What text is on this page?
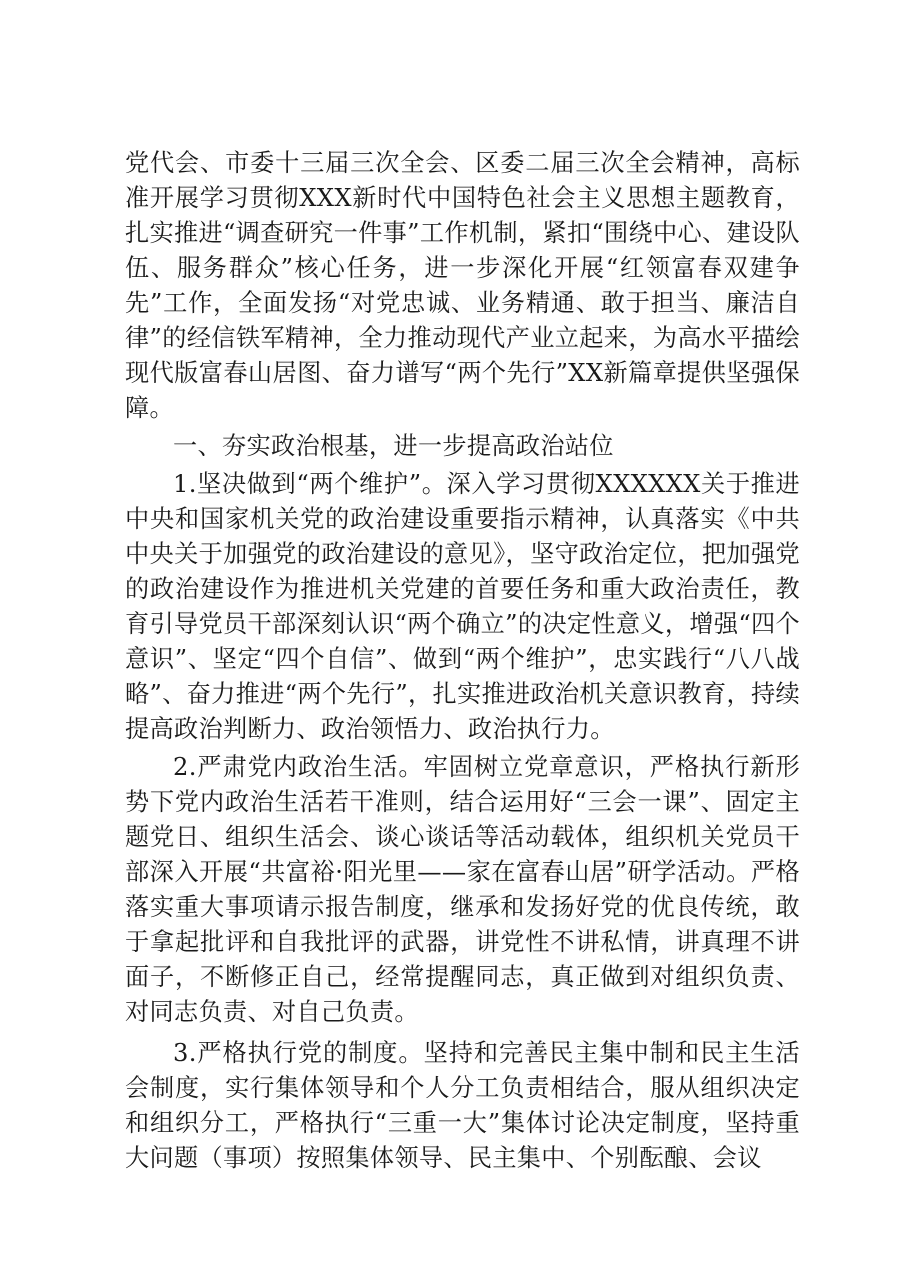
党代会、市委十三届三次全会、区委二届三次全会精神，高标准开展学习贯彻XXX新时代中国特色社会主义思想主题教育，扎实推进“调查研究一件事”工作机制，紧扣“围绕中心、建设队伍、服务群众”核心任务，进一步深化开展“红领富春双建争先”工作，全面发扬“对党忠诚、业务精通、敢于担当、廉洁自律”的经信铁军精神，全力推动现代产业立起来，为高水平描绘现代版富春山居图、奋力谱写“两个先行”XX新篇章提供坚强保障。

一、夯实政治根基，进一步提高政治站位

1.坚决做到“两个维护”。深入学习贯彻XXXXXX关于推进中央和国家机关党的政治建设重要指示精神，认真落实《中共中央关于加强党的政治建设的意见》，坚守政治定位，把加强党的政治建设作为推进机关党建的首要任务和重大政治责任，教育引导党员干部深刻认识“两个确立”的决定性意义，增强“四个意识”、坚定“四个自信”、做到“两个维护”，忠实践行“八八战略”、奋力推进“两个先行”，扎实推进政治机关意识教育，持续提高政治判断力、政治领悟力、政治执行力。

2.严肃党内政治生活。牢固树立党章意识，严格执行新形势下党内政治生活若干准则，结合运用好“三会一课”、固定主题党日、组织生活会、谈心谈话等活动载体，组织机关党员干部深入开展“共富裕·阳光里——家在富春山居”研学活动。严格落实重大事项请示报告制度，继承和发扬好党的优良传统，敢于拿起批评和自我批评的武器，讲党性不讲私情，讲真理不讲面子，不断修正自己，经常提醒同志，真正做到对组织负责、对同志负责、对自己负责。

3.严格执行党的制度。坚持和完善民主集中制和民主生活会制度，实行集体领导和个人分工负责相结合，服从组织决定和组织分工，严格执行“三重一大”集体讨论决定制度，坚持重大问题（事项）按照集体领导、民主集中、个别酝酿、会议
